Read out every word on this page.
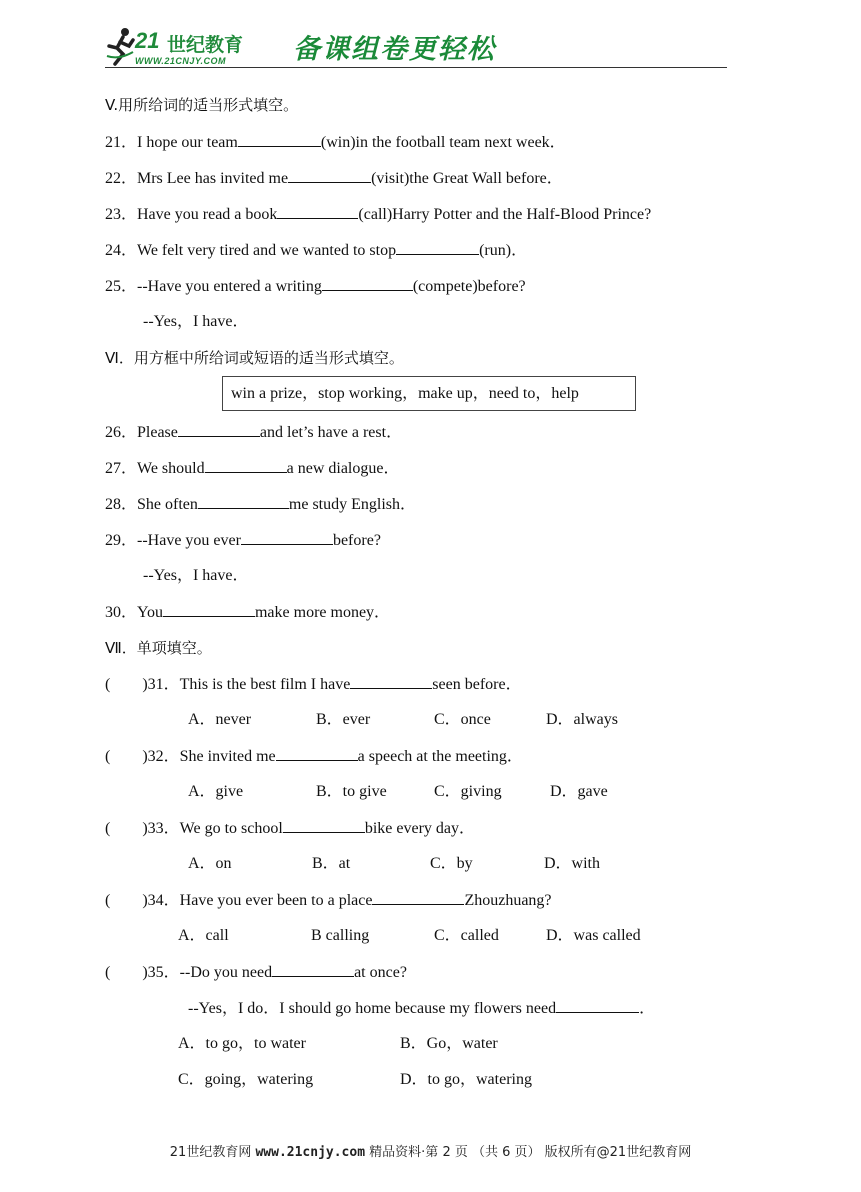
21 世纪教育
WWW.21CNJY.COM 备课组卷更轻松
V.用所给词的适当形式填空。
21．I hope our team	(win)in the football team next week．
22．Mrs Lee has invited me	(visit)the Great Wall before．
23．Have you read a book	(call)Harry Potter and the Half-Blood Prince?
24．We felt very tired and we wanted to stop	(run)．
25．--Have you entered a writing	(compete)before?
--Yes，I have．
Ⅵ．用方框中所给词或短语的适当形式填空。
win a prize，stop working，make up，need to，help
26．Please	and let’s have a rest．
27．We should	a new dialogue．
28．She often	me study English．
29．--Have you ever	before?
--Yes，I have．
30．You	make more money．
Ⅶ．单项填空。
(　　)31．This is the best film I have	seen before．
A．never	B．ever	C．once	D．always
(　　)32．She invited me	a speech at the meeting．
A．give	B．to give	C．giving	D．gave
(　　)33．We go to school	bike every day．
A．on	B．at	C．by	D．with
(　　)34．Have you ever been to a place	Zhouzhuang?
A．call	B calling	C．called	D．was called
(　　)35．--Do you need	at once?
--Yes，I do．I should go home because my flowers need	．
A．to go，to water	B．Go，water
C．going，watering	D．to go，watering
21世纪教育网 www.21cnjy.com 精品资料·第 2 页 （共 6 页） 版权所有@21世纪教育网
